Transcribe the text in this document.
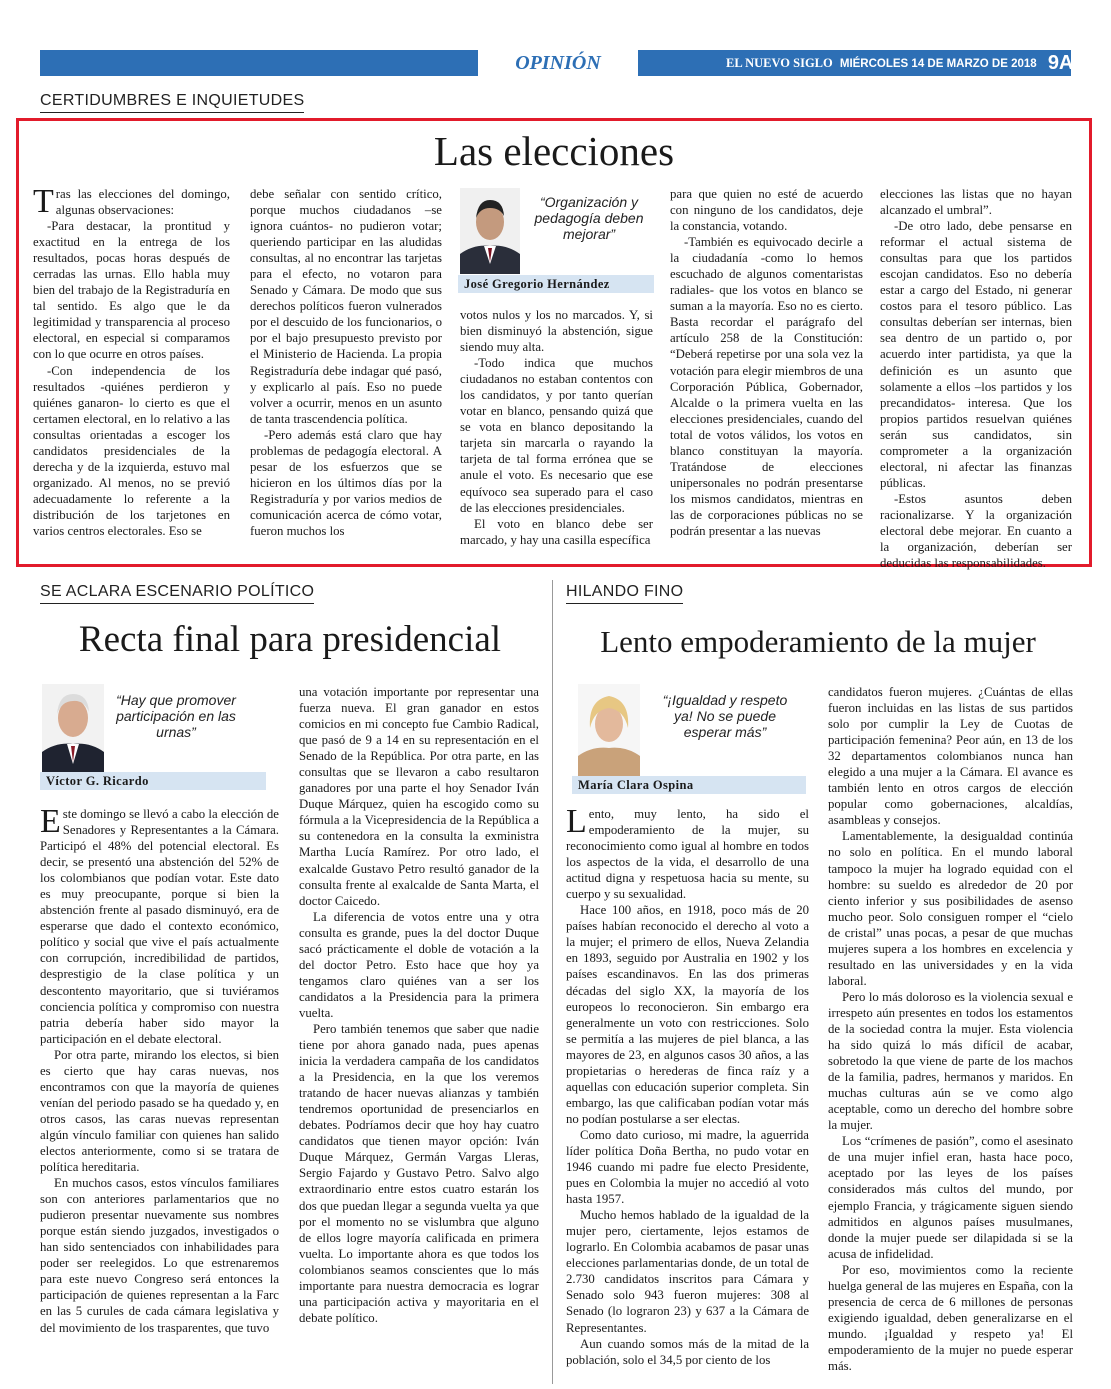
OPINIÓN	EL NUEVO SIGLO MIÉRCOLES 14 DE MARZO DE 2018 9A
CERTIDUMBRES E INQUIETUDES
Las elecciones

Tras las elecciones del domingo, algunas observaciones:

-Para destacar, la prontitud y exactitud en la entrega de los resultados, pocas horas después de cerradas las urnas. Ello habla muy bien del trabajo de la Registraduría en tal sentido. Es algo que le da legitimidad y transparencia al proceso electoral, en especial si comparamos con lo que ocurre en otros países.

-Con independencia de los resultados -quiénes perdieron y quiénes ganaron- lo cierto es que el certamen electoral, en lo relativo a las consultas orientadas a escoger los candidatos presidenciales de la derecha y de la izquierda, estuvo mal organizado. Al menos, no se previó adecuadamente lo referente a la distribución de los tarjetones en varios centros electorales. Eso se

debe señalar con sentido crítico, porque muchos ciudadanos –se ignora cuántos- no pudieron votar; queriendo participar en las aludidas consultas, al no encontrar las tarjetas para el efecto, no votaron para Senado y Cámara. De modo que sus derechos políticos fueron vulnerados por el descuido de los funcionarios, o por el bajo presupuesto previsto por el Ministerio de Hacienda. La propia Registraduría debe indagar qué pasó, y explicarlo al país. Eso no puede volver a ocurrir, menos en un asunto de tanta trascendencia política.

-Pero además está claro que hay problemas de pedagogía electoral. A pesar de los esfuerzos que se hicieron en los últimos días por la Registraduría y por varios medios de comunicación acerca de cómo votar, fueron muchos los

“Organización y pedagogía deben mejorar”
José Gregorio Hernández

votos nulos y los no marcados. Y, si bien disminuyó la abstención, sigue siendo muy alta.

-Todo indica que muchos ciudadanos no estaban contentos con los candidatos, y por tanto querían votar en blanco, pensando quizá que se vota en blanco depositando la tarjeta sin marcarla o rayando la tarjeta de tal forma errónea que se anule el voto. Es necesario que ese equívoco sea superado para el caso de las elecciones presidenciales.

El voto en blanco debe ser marcado, y hay una casilla específica

para que quien no esté de acuerdo con ninguno de los candidatos, deje la constancia, votando.

-También es equivocado decirle a la ciudadanía -como lo hemos escuchado de algunos comentaristas radiales- que los votos en blanco se suman a la mayoría. Eso no es cierto. Basta recordar el parágrafo del artículo 258 de la Constitución: “Deberá repetirse por una sola vez la votación para elegir miembros de una Corporación Pública, Gobernador, Alcalde o la primera vuelta en las elecciones presidenciales, cuando del total de votos válidos, los votos en blanco constituyan la mayoría. Tratándose de elecciones unipersonales no podrán presentarse los mismos candidatos, mientras en las de corporaciones públicas no se podrán presentar a las nuevas

elecciones las listas que no hayan alcanzado el umbral”.

-De otro lado, debe pensarse en reformar el actual sistema de consultas para que los partidos escojan candidatos. Eso no debería estar a cargo del Estado, ni generar costos para el tesoro público. Las consultas deberían ser internas, bien sea dentro de un partido o, por acuerdo inter partidista, ya que la definición es un asunto que solamente a ellos –los partidos y los precandidatos- interesa. Que los propios partidos resuelvan quiénes serán sus candidatos, sin comprometer a la organización electoral, ni afectar las finanzas públicas.

-Estos asuntos deben racionalizarse. Y la organización electoral debe mejorar. En cuanto a la organización, deberían ser deducidas las responsabilidades.

SE ACLARA ESCENARIO POLÍTICO
Recta final para presidencial
“Hay que promover participación en las urnas”
Víctor G. Ricardo

Este domingo se llevó a cabo la elección de Senadores y Representantes a la Cámara. Participó el 48% del potencial electoral. Es decir, se presentó una abstención del 52% de los colombianos que podían votar. Este dato es muy preocupante, porque si bien la abstención frente al pasado disminuyó, era de esperarse que dado el contexto económico, político y social que vive el país actualmente con corrupción, incredibilidad de partidos, desprestigio de la clase política y un descontento mayoritario, que si tuviéramos conciencia política y compromiso con nuestra patria debería haber sido mayor la participación en el debate electoral.

Por otra parte, mirando los electos, si bien es cierto que hay caras nuevas, nos encontramos con que la mayoría de quienes venían del periodo pasado se ha quedado y, en otros casos, las caras nuevas representan algún vínculo familiar con quienes han salido electos anteriormente, como si se tratara de política hereditaria.

En muchos casos, estos vínculos familiares son con anteriores parlamentarios que no pudieron presentar nuevamente sus nombres porque están siendo juzgados, investigados o han sido sentenciados con inhabilidades para poder ser reelegidos. Lo que estrenaremos para este nuevo Congreso será entonces la participación de quienes representan a la Farc en las 5 curules de cada cámara legislativa y del movimiento de los trasparentes, que tuvo

una votación importante por representar una fuerza nueva. El gran ganador en estos comicios en mi concepto fue Cambio Radical, que pasó de 9 a 14 en su representación en el Senado de la República. Por otra parte, en las consultas que se llevaron a cabo resultaron ganadores por una parte el hoy Senador Iván Duque Márquez, quien ha escogido como su fórmula a la Vicepresidencia de la República a su contenedora en la consulta la exministra Martha Lucía Ramírez. Por otro lado, el exalcalde Gustavo Petro resultó ganador de la consulta frente al exalcalde de Santa Marta, el doctor Caicedo.

La diferencia de votos entre una y otra consulta es grande, pues la del doctor Duque sacó prácticamente el doble de votación a la del doctor Petro. Esto hace que hoy ya tengamos claro quiénes van a ser los candidatos a la Presidencia para la primera vuelta.

Pero también tenemos que saber que nadie tiene por ahora ganado nada, pues apenas inicia la verdadera campaña de los candidatos a la Presidencia, en la que los veremos tratando de hacer nuevas alianzas y también tendremos oportunidad de presenciarlos en debates. Podríamos decir que hoy hay cuatro candidatos que tienen mayor opción: Iván Duque Márquez, Germán Vargas Lleras, Sergio Fajardo y Gustavo Petro. Salvo algo extraordinario entre estos cuatro estarán los dos que puedan llegar a segunda vuelta ya que por el momento no se vislumbra que alguno de ellos logre mayoría calificada en primera vuelta. Lo importante ahora es que todos los colombianos seamos conscientes que lo más importante para nuestra democracia es lograr una participación activa y mayoritaria en el debate político.

HILANDO FINO
Lento empoderamiento de la mujer
“¡Igualdad y respeto ya! No se puede esperar más”
María Clara Ospina

Lento, muy lento, ha sido el empoderamiento de la mujer, su reconocimiento como igual al hombre en todos los aspectos de la vida, el desarrollo de una actitud digna y respetuosa hacia su mente, su cuerpo y su sexualidad.

Hace 100 años, en 1918, poco más de 20 países habían reconocido el derecho al voto a la mujer; el primero de ellos, Nueva Zelandia en 1893, seguido por Australia en 1902 y los países escandinavos. En las dos primeras décadas del siglo XX, la mayoría de los europeos lo reconocieron. Sin embargo era generalmente un voto con restricciones. Solo se permitía a las mujeres de piel blanca, a las mayores de 23, en algunos casos 30 años, a las propietarias o herederas de finca raíz y a aquellas con educación superior completa. Sin embargo, las que calificaban podían votar más no podían postularse a ser electas.

Como dato curioso, mi madre, la aguerrida líder política Doña Bertha, no pudo votar en 1946 cuando mi padre fue electo Presidente, pues en Colombia la mujer no accedió al voto hasta 1957.

Mucho hemos hablado de la igualdad de la mujer pero, ciertamente, lejos estamos de lograrlo. En Colombia acabamos de pasar unas elecciones parlamentarias donde, de un total de 2.730 candidatos inscritos para Cámara y Senado solo 943 fueron mujeres: 308 al Senado (lo lograron 23) y 637 a la Cámara de Representantes.

Aun cuando somos más de la mitad de la población, solo el 34,5 por ciento de los

candidatos fueron mujeres. ¿Cuántas de ellas fueron incluidas en las listas de sus partidos solo por cumplir la Ley de Cuotas de participación femenina? Peor aún, en 13 de los 32 departamentos colombianos nunca han elegido a una mujer a la Cámara. El avance es también lento en otros cargos de elección popular como gobernaciones, alcaldías, asambleas y consejos.

Lamentablemente, la desigualdad continúa no solo en política. En el mundo laboral tampoco la mujer ha logrado equidad con el hombre: su sueldo es alrededor de 20 por ciento inferior y sus posibilidades de asenso mucho peor. Solo consiguen romper el “cielo de cristal” unas pocas, a pesar de que muchas mujeres supera a los hombres en excelencia y resultado en las universidades y en la vida laboral.

Pero lo más doloroso es la violencia sexual e irrespeto aún presentes en todos los estamentos de la sociedad contra la mujer. Esta violencia ha sido quizá lo más difícil de acabar, sobretodo la que viene de parte de los machos de la familia, padres, hermanos y maridos. En muchas culturas aún se ve como algo aceptable, como un derecho del hombre sobre la mujer.

Los “crímenes de pasión”, como el asesinato de una mujer infiel eran, hasta hace poco, aceptado por las leyes de los países considerados más cultos del mundo, por ejemplo Francia, y trágicamente siguen siendo admitidos en algunos países musulmanes, donde la mujer puede ser dilapidada si se la acusa de infidelidad.

Por eso, movimientos como la reciente huelga general de las mujeres en España, con la presencia de cerca de 6 millones de personas exigiendo igualdad, deben generalizarse en el mundo. ¡Igualdad y respeto ya! El empoderamiento de la mujer no puede esperar más.
